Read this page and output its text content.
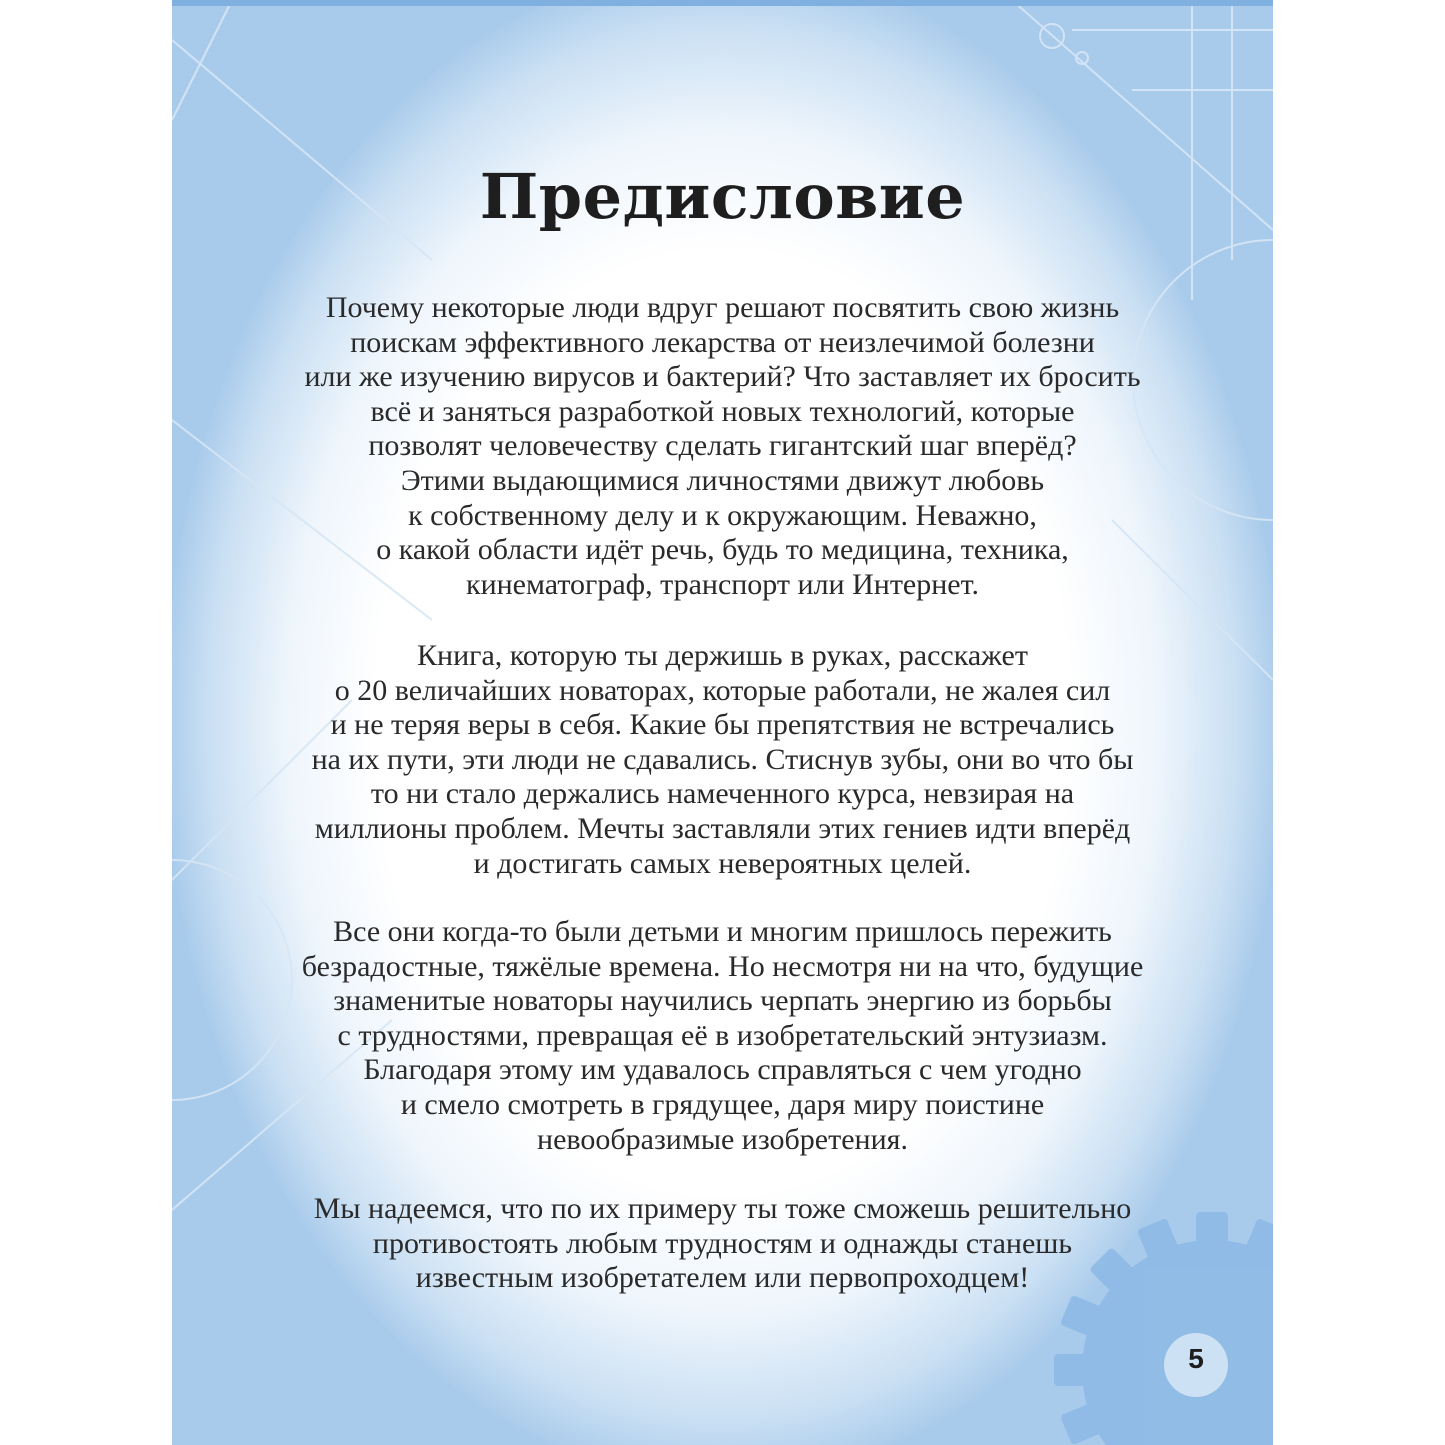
Предисловие

Почему некоторые люди вдруг решают посвятить свою жизнь
поискам эффективного лекарства от неизлечимой болезни
или же изучению вирусов и бактерий? Что заставляет их бросить
всё и заняться разработкой новых технологий, которые
позволят человечеству сделать гигантский шаг вперёд?
Этими выдающимися личностями движут любовь
к собственному делу и к окружающим. Неважно,
о какой области идёт речь, будь то медицина, техника,
кинематограф, транспорт или Интернет.

Книга, которую ты держишь в руках, расскажет
о 20 величайших новаторах, которые работали, не жалея сил
и не теряя веры в себя. Какие бы препятствия не встречались
на их пути, эти люди не сдавались. Стиснув зубы, они во что бы
то ни стало держались намеченного курса, невзирая на
миллионы проблем. Мечты заставляли этих гениев идти вперёд
и достигать самых невероятных целей.

Все они когда-то были детьми и многим пришлось пережить
безрадостные, тяжёлые времена. Но несмотря ни на что, будущие
знаменитые новаторы научились черпать энергию из борьбы
с трудностями, превращая её в изобретательский энтузиазм.
Благодаря этому им удавалось справляться с чем угодно
и смело смотреть в грядущее, даря миру поистине
невообразимые изобретения.

Мы надеемся, что по их примеру ты тоже сможешь решительно
противостоять любым трудностям и однажды станешь
известным изобретателем или первопроходцем!

5
